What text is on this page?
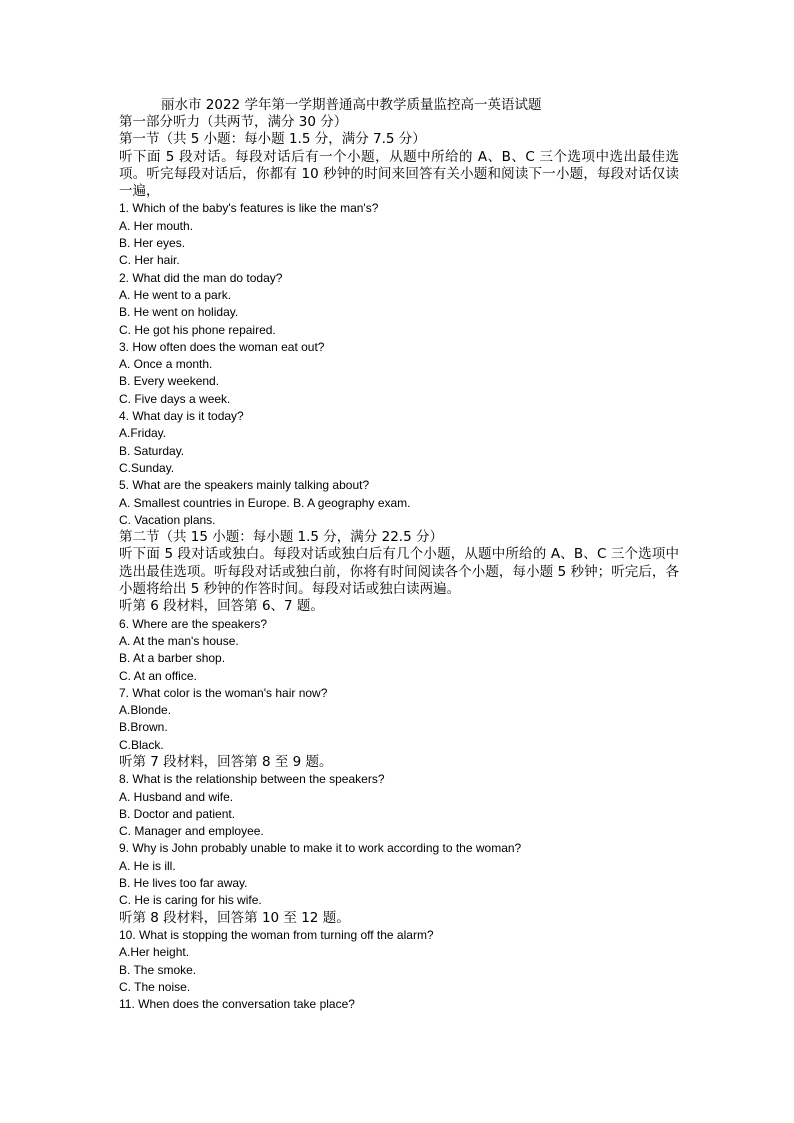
丽水市 2022 学年第一学期普通高中教学质量监控高一英语试题
第一部分听力（共两节，满分 30 分）
第一节（共 5 小题：每小题 1.5 分，满分 7.5 分）
听下面 5 段对话。每段对话后有一个小题，从题中所给的 A、B、C 三个选项中选出最佳选项。听完每段对话后，你都有 10 秒钟的时间来回答有关小题和阅读下一小题，每段对话仅读一遍，
1. Which of the baby's features is like the man's?
A. Her mouth.
B. Her eyes.
C. Her hair.
2. What did the man do today?
A. He went to a park.
B. He went on holiday.
C. He got his phone repaired.
3. How often does the woman eat out?
A. Once a month.
B. Every weekend.
C. Five days a week.
4. What day is it today?
A.Friday.
B. Saturday.
C.Sunday.
5. What are the speakers mainly talking about?
A. Smallest countries in Europe. B. A geography exam.
C. Vacation plans.
第二节（共 15 小题：每小题 1.5 分，满分 22.5 分）
听下面 5 段对话或独白。每段对话或独白后有几个小题，从题中所给的 A、B、C 三个选项中选出最佳选项。听每段对话或独白前，你将有时间阅读各个小题，每小题 5 秒钟；听完后，各小题将给出 5 秒钟的作答时间。每段对话或独白读两遍。
听第 6 段材料，回答第 6、7 题。
6. Where are the speakers?
A. At the man's house.
B. At a barber shop.
C. At an office.
7. What color is the woman's hair now?
A.Blonde.
B.Brown.
C.Black.
听第 7 段材料，回答第 8 至 9 题。
8. What is the relationship between the speakers?
A. Husband and wife.
B. Doctor and patient.
C. Manager and employee.
9. Why is John probably unable to make it to work according to the woman?
A. He is ill.
B. He lives too far away.
C. He is caring for his wife.
听第 8 段材料，回答第 10 至 12 题。
10. What is stopping the woman from turning off the alarm?
A.Her height.
B. The smoke.
C. The noise.
11. When does the conversation take place?
